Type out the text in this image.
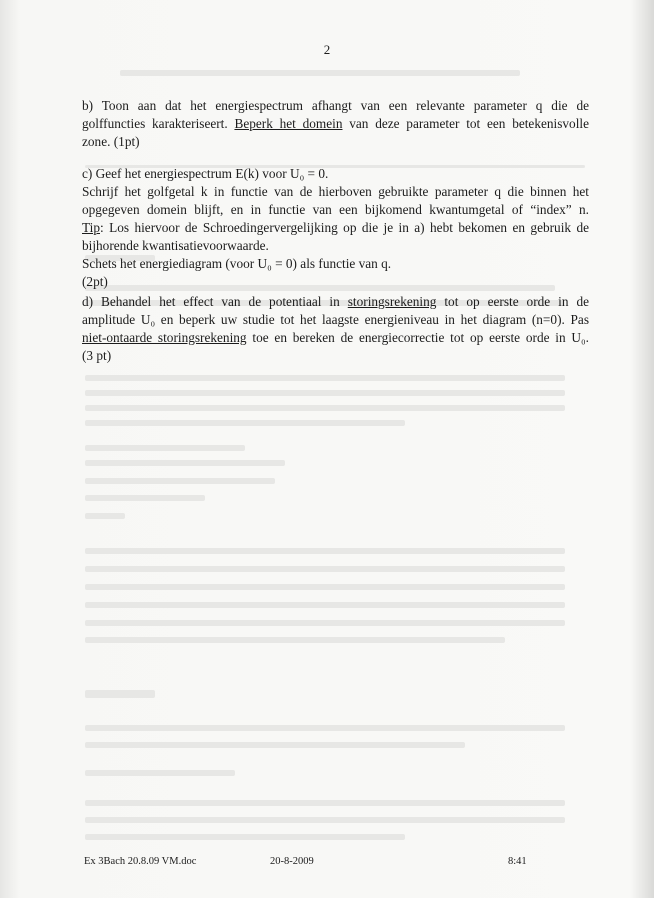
2

b) Toon aan dat het energiespectrum afhangt van een relevante parameter q die de

golffuncties karakteriseert. Beperk het domein van deze parameter tot een betekenisvolle

zone. (1pt)

c) Geef het energiespectrum E(k) voor U₀ = 0.

Schrijf het golfgetal k in functie van de hierboven gebruikte parameter q die binnen het

opgegeven domein blijft, en in functie van een bijkomend kwantumgetal of “index” n.

Tip: Los hiervoor de Schroedingervergelijking op die je in a) hebt bekomen en gebruik de

bijhorende kwantisatievoorwaarde.

Schets het energiediagram (voor U₀ = 0) als functie van q.

(2pt)

d) Behandel het effect van de potentiaal in storingsrekening tot op eerste orde in de

amplitude U₀ en beperk uw studie tot het laagste energieniveau in het diagram (n=0). Pas

niet-ontaarde storingsrekening toe en bereken de energiecorrectie tot op eerste orde in U₀.

(3 pt)

Ex 3Bach 20.8.09 VM.doc	20-8-2009	8:41
